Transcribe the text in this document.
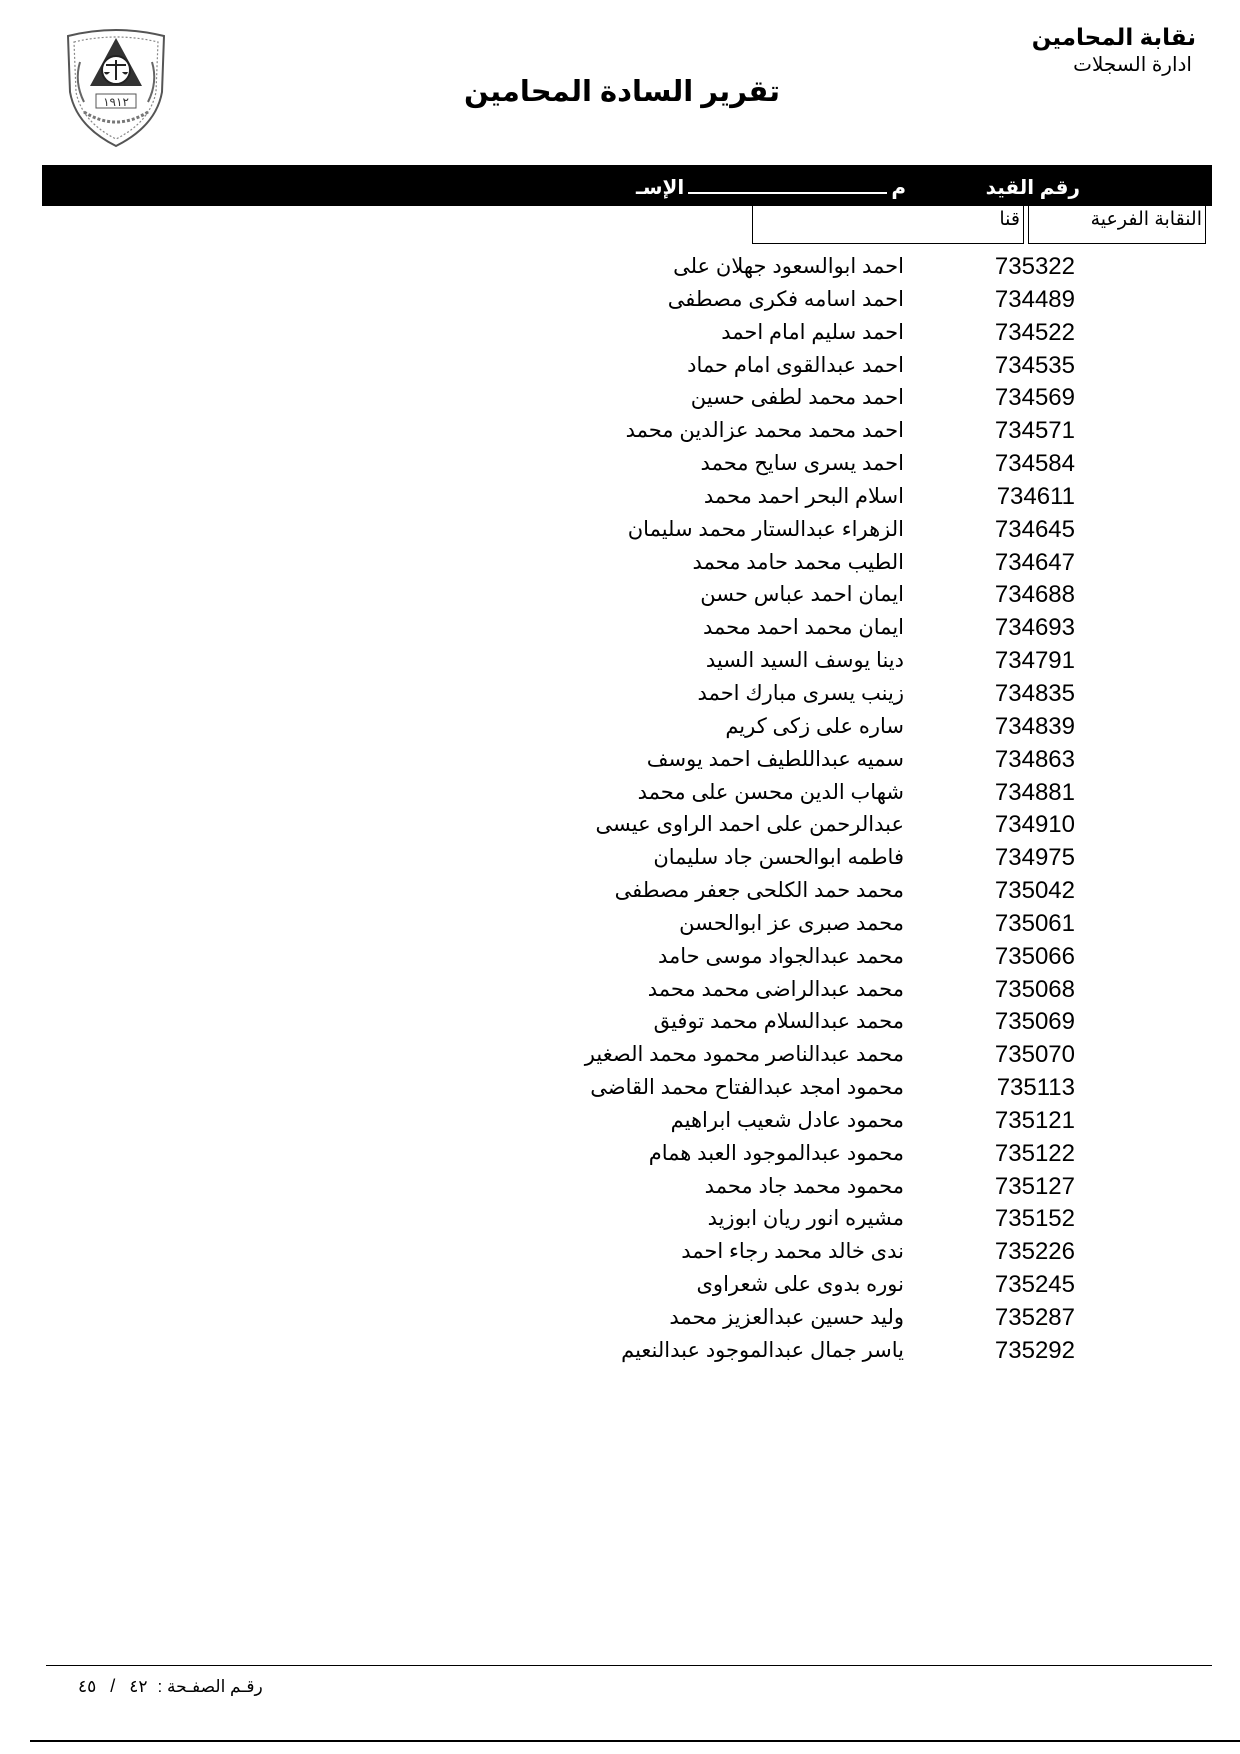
نقابة المحامين
ادارة السجلات
تقرير السادة المحامين
١٩١٢
رقم القيد
م
الإسـ
قنا	النقابة الفرعية
احمد ابوالسعود جهلان على	735322
احمد اسامه فكرى مصطفى	734489
احمد سليم امام احمد	734522
احمد عبدالقوى امام حماد	734535
احمد محمد لطفى حسين	734569
احمد محمد محمد عزالدين محمد	734571
احمد يسرى سايح محمد	734584
اسلام البحر احمد محمد	734611
الزهراء عبدالستار محمد سليمان	734645
الطيب محمد حامد محمد	734647
ايمان احمد عباس حسن	734688
ايمان محمد احمد محمد	734693
دينا يوسف السيد السيد	734791
زينب يسرى مبارك احمد	734835
ساره على زكى كريم	734839
سميه عبداللطيف احمد يوسف	734863
شهاب الدين محسن على محمد	734881
عبدالرحمن على احمد الراوى عيسى	734910
فاطمه ابوالحسن جاد سليمان	734975
محمد حمد الكلحى جعفر مصطفى	735042
محمد صبرى عز ابوالحسن	735061
محمد عبدالجواد موسى حامد	735066
محمد عبدالراضى محمد محمد	735068
محمد عبدالسلام محمد توفيق	735069
محمد عبدالناصر محمود محمد الصغير	735070
محمود امجد عبدالفتاح محمد القاضى	735113
محمود عادل شعيب ابراهيم	735121
محمود عبدالموجود العبد همام	735122
محمود محمد جاد محمد	735127
مشيره انور ريان ابوزيد	735152
ندى خالد محمد رجاء احمد	735226
نوره بدوى على شعراوى	735245
وليد حسين عبدالعزيز محمد	735287
ياسر جمال عبدالموجود عبدالنعيم	735292
رقـم الصفـحة :
٤٢
/
٤٥
